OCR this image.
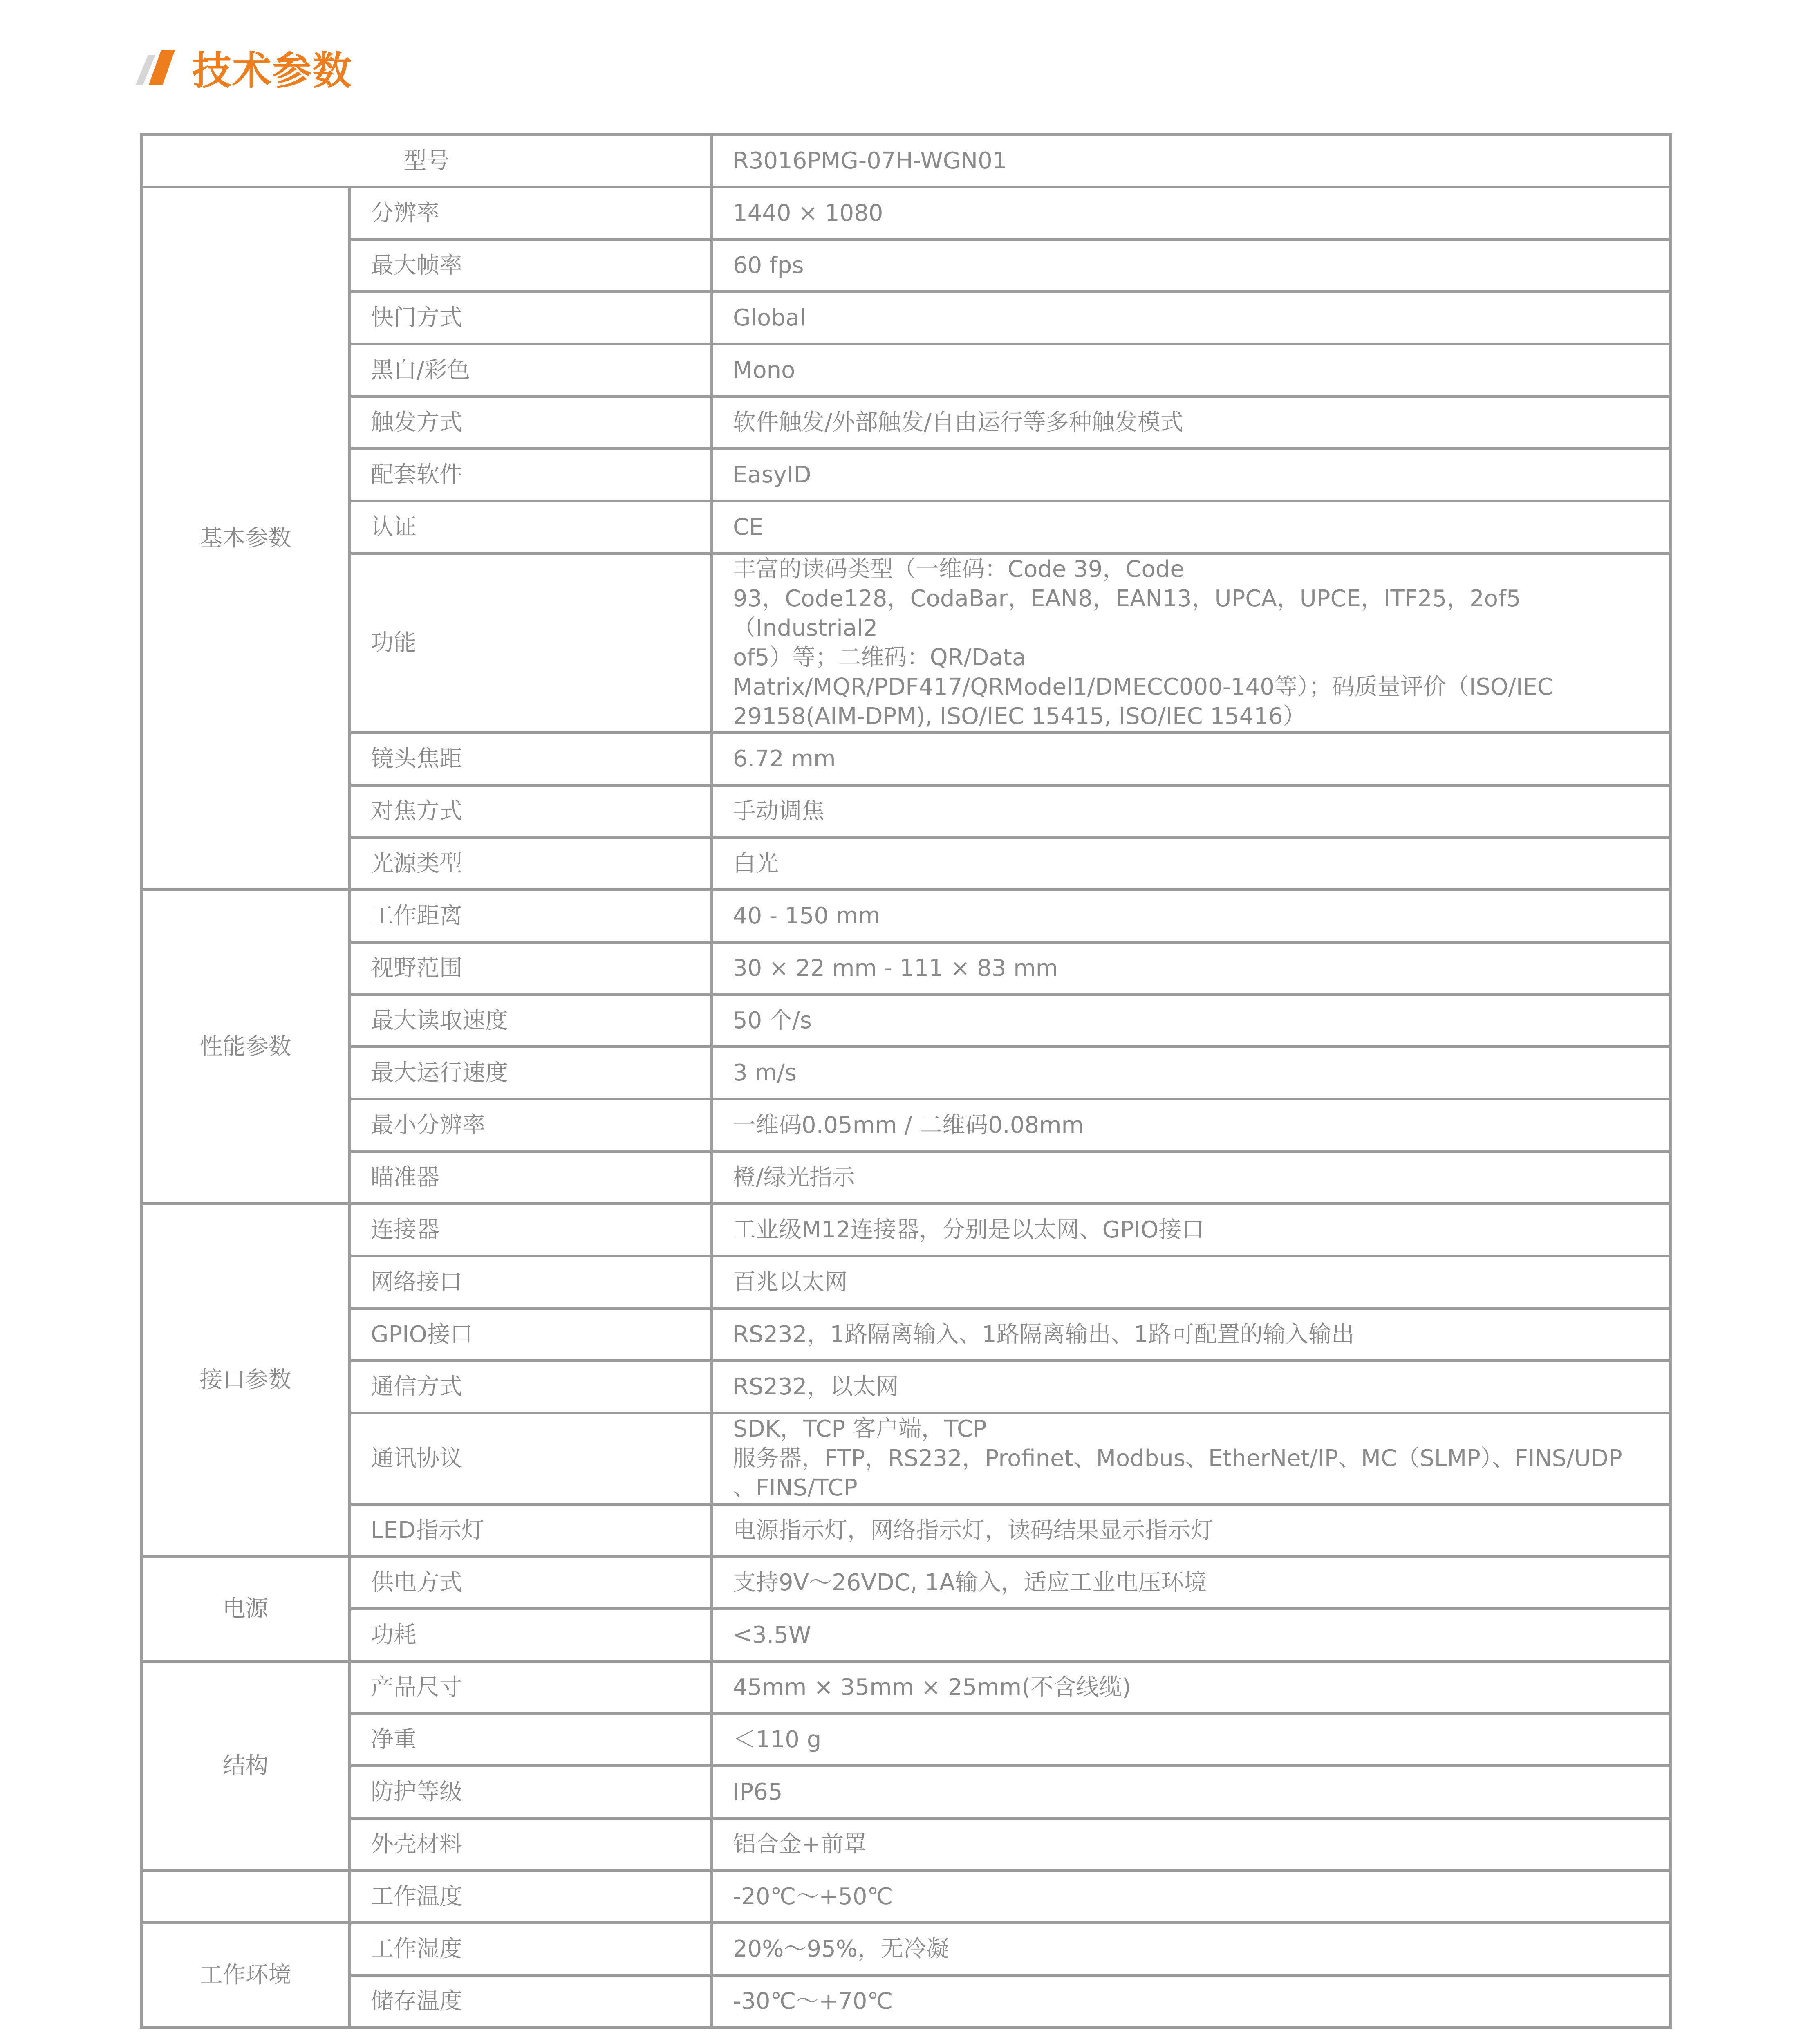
技术参数
型号		R3016PMG-07H-WGN01
基本参数	分辨率	1440 × 1080
	最大帧率	60 fps
	快门方式	Global
	黑白/彩色	Mono
	触发方式	软件触发/外部触发/自由运行等多种触发模式
	配套软件	EasyID
	认证	CE
	功能	丰富的读码类型（一维码：Code 39，Code
93，Code128，CodaBar，EAN8，EAN13，UPCA，UPCE，ITF25，2of5（Industrial2
of5）等；二维码：QR/Data
Matrix/MQR/PDF417/QRModel1/DMECC000-140等）；码质量评价（ISO/IEC
29158(AIM-DPM), ISO/IEC 15415, ISO/IEC 15416）
	镜头焦距	6.72 mm
	对焦方式	手动调焦
	光源类型	白光
性能参数	工作距离	40 - 150 mm
	视野范围	30 × 22 mm - 111 × 83 mm
	最大读取速度	50 个/s
	最大运行速度	3 m/s
	最小分辨率	一维码0.05mm / 二维码0.08mm
	瞄准器	橙/绿光指示
接口参数	连接器	工业级M12连接器，分别是以太网、GPIO接口
	网络接口	百兆以太网
	GPIO接口	RS232，1路隔离输入、1路隔离输出、1路可配置的输入输出
	通信方式	RS232，以太网
	通讯协议	SDK，TCP 客户端，TCP
服务器，FTP，RS232，Profinet、Modbus、EtherNet/IP、MC（SLMP）、FINS/UDP
、FINS/TCP
	LED指示灯	电源指示灯，网络指示灯，读码结果显示指示灯
电源	供电方式	支持9V～26VDC, 1A输入，适应工业电压环境
	功耗	<3.5W
结构	产品尺寸	45mm × 35mm × 25mm(不含线缆)
	净重	＜110 g
	防护等级	IP65
	外壳材料	铝合金+前罩
	工作温度	-20℃～+50℃
工作环境	工作湿度	20%～95%，无冷凝
	储存温度	-30℃～+70℃
